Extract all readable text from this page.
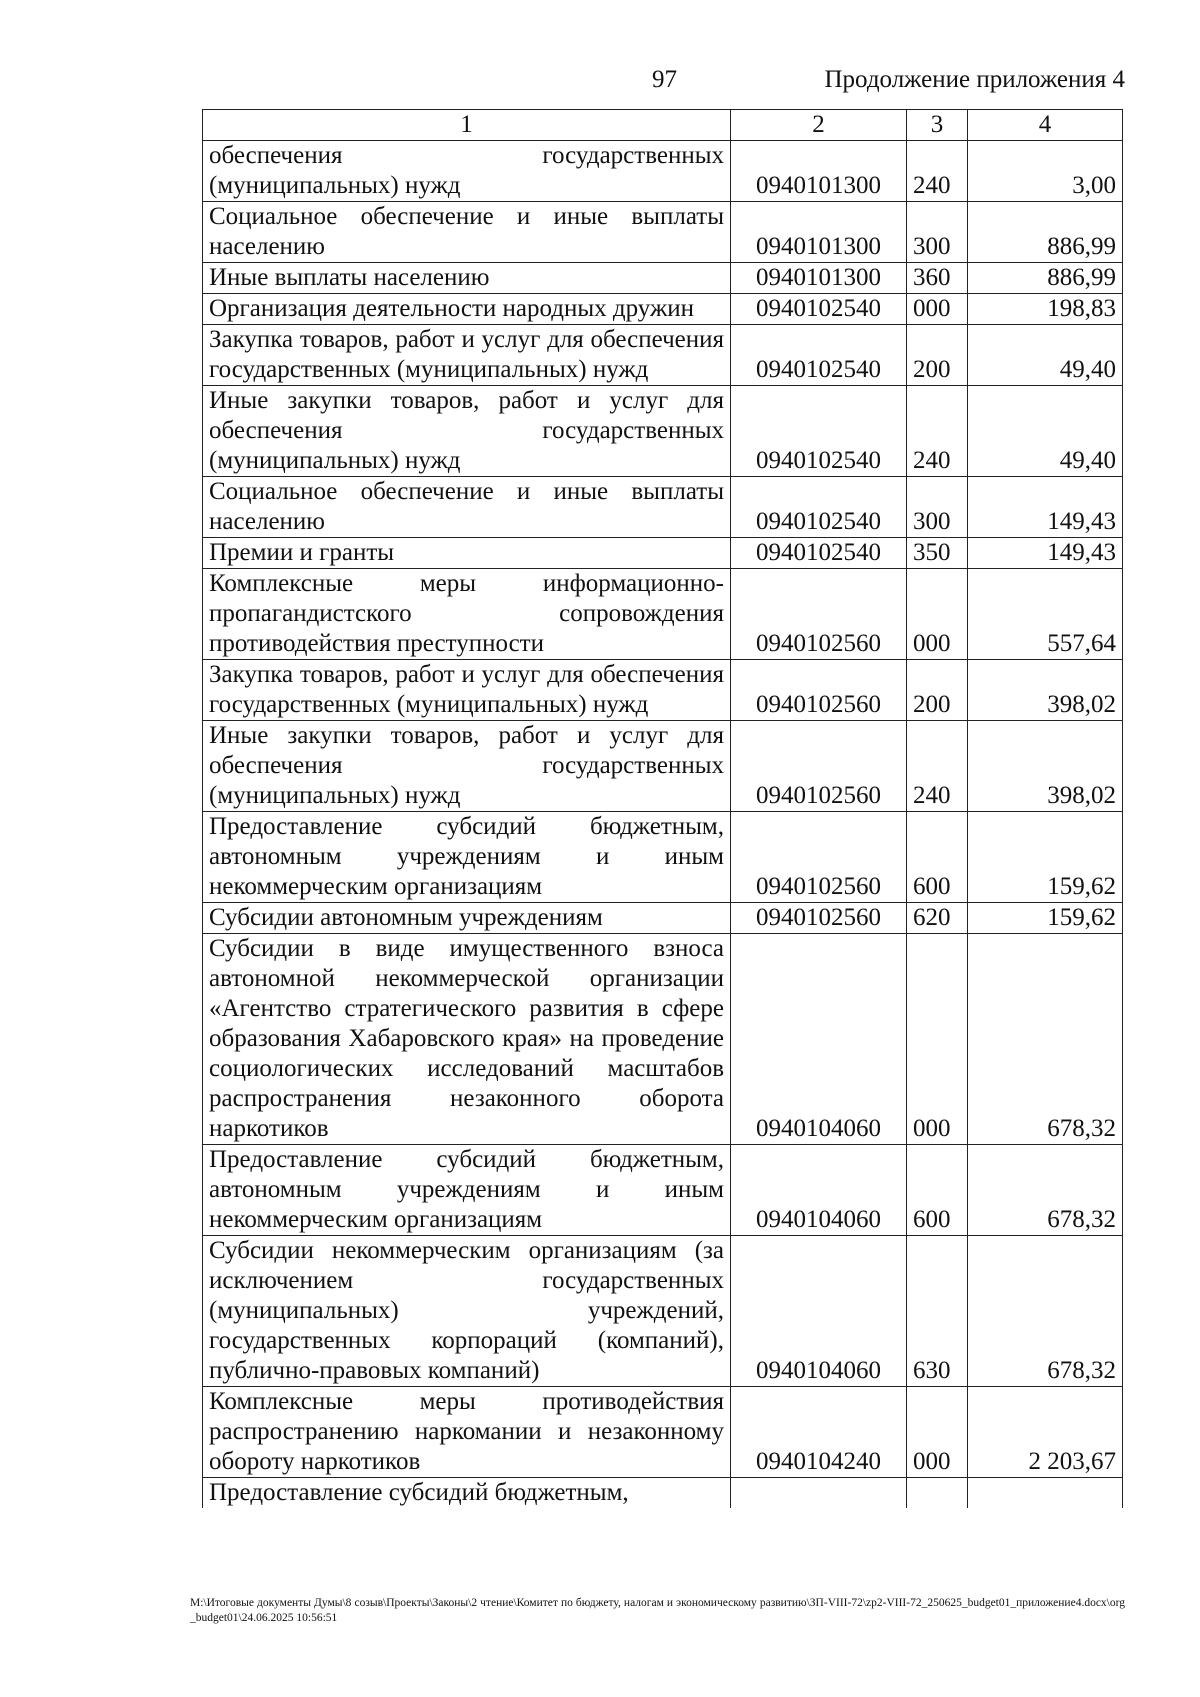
97	Продолжение приложения 4
1	2	3	4
обеспечения государственных (муниципальных) нужд	0940101300	240	3,00
Социальное обеспечение и иные выплаты населению	0940101300	300	886,99
Иные выплаты населению	0940101300	360	886,99
Организация деятельности народных дружин	0940102540	000	198,83
Закупка товаров, работ и услуг для обеспечения государственных (муниципальных) нужд	0940102540	200	49,40
Иные закупки товаров, работ и услуг для обеспечения государственных (муниципальных) нужд	0940102540	240	49,40
Социальное обеспечение и иные выплаты населению	0940102540	300	149,43
Премии и гранты	0940102540	350	149,43
Комплексные меры информационно-пропагандистского сопровождения противодействия преступности	0940102560	000	557,64
Закупка товаров, работ и услуг для обеспечения государственных (муниципальных) нужд	0940102560	200	398,02
Иные закупки товаров, работ и услуг для обеспечения государственных (муниципальных) нужд	0940102560	240	398,02
Предоставление субсидий бюджетным, автономным учреждениям и иным некоммерческим организациям	0940102560	600	159,62
Субсидии автономным учреждениям	0940102560	620	159,62
Субсидии в виде имущественного взноса автономной некоммерческой организации «Агентство стратегического развития в сфере образования Хабаровского края» на проведение социологических исследований масштабов распространения незаконного оборота наркотиков	0940104060	000	678,32
Предоставление субсидий бюджетным, автономным учреждениям и иным некоммерческим организациям	0940104060	600	678,32
Субсидии некоммерческим организациям (за исключением государственных (муниципальных) учреждений, государственных корпораций (компаний), публично-правовых компаний)	0940104060	630	678,32
Комплексные меры противодействия распространению наркомании и незаконному обороту наркотиков	0940104240	000	2 203,67
Предоставление субсидий бюджетным,			
M:\Итоговые документы Думы\8 созыв\Проекты\Законы\2 чтение\Комитет по бюджету, налогам и экономическому развитию\ЗП-VIII-72\zp2-VIII-72_250625_budget01_приложение4.docx\org_budget01\24.06.2025 10:56:51
